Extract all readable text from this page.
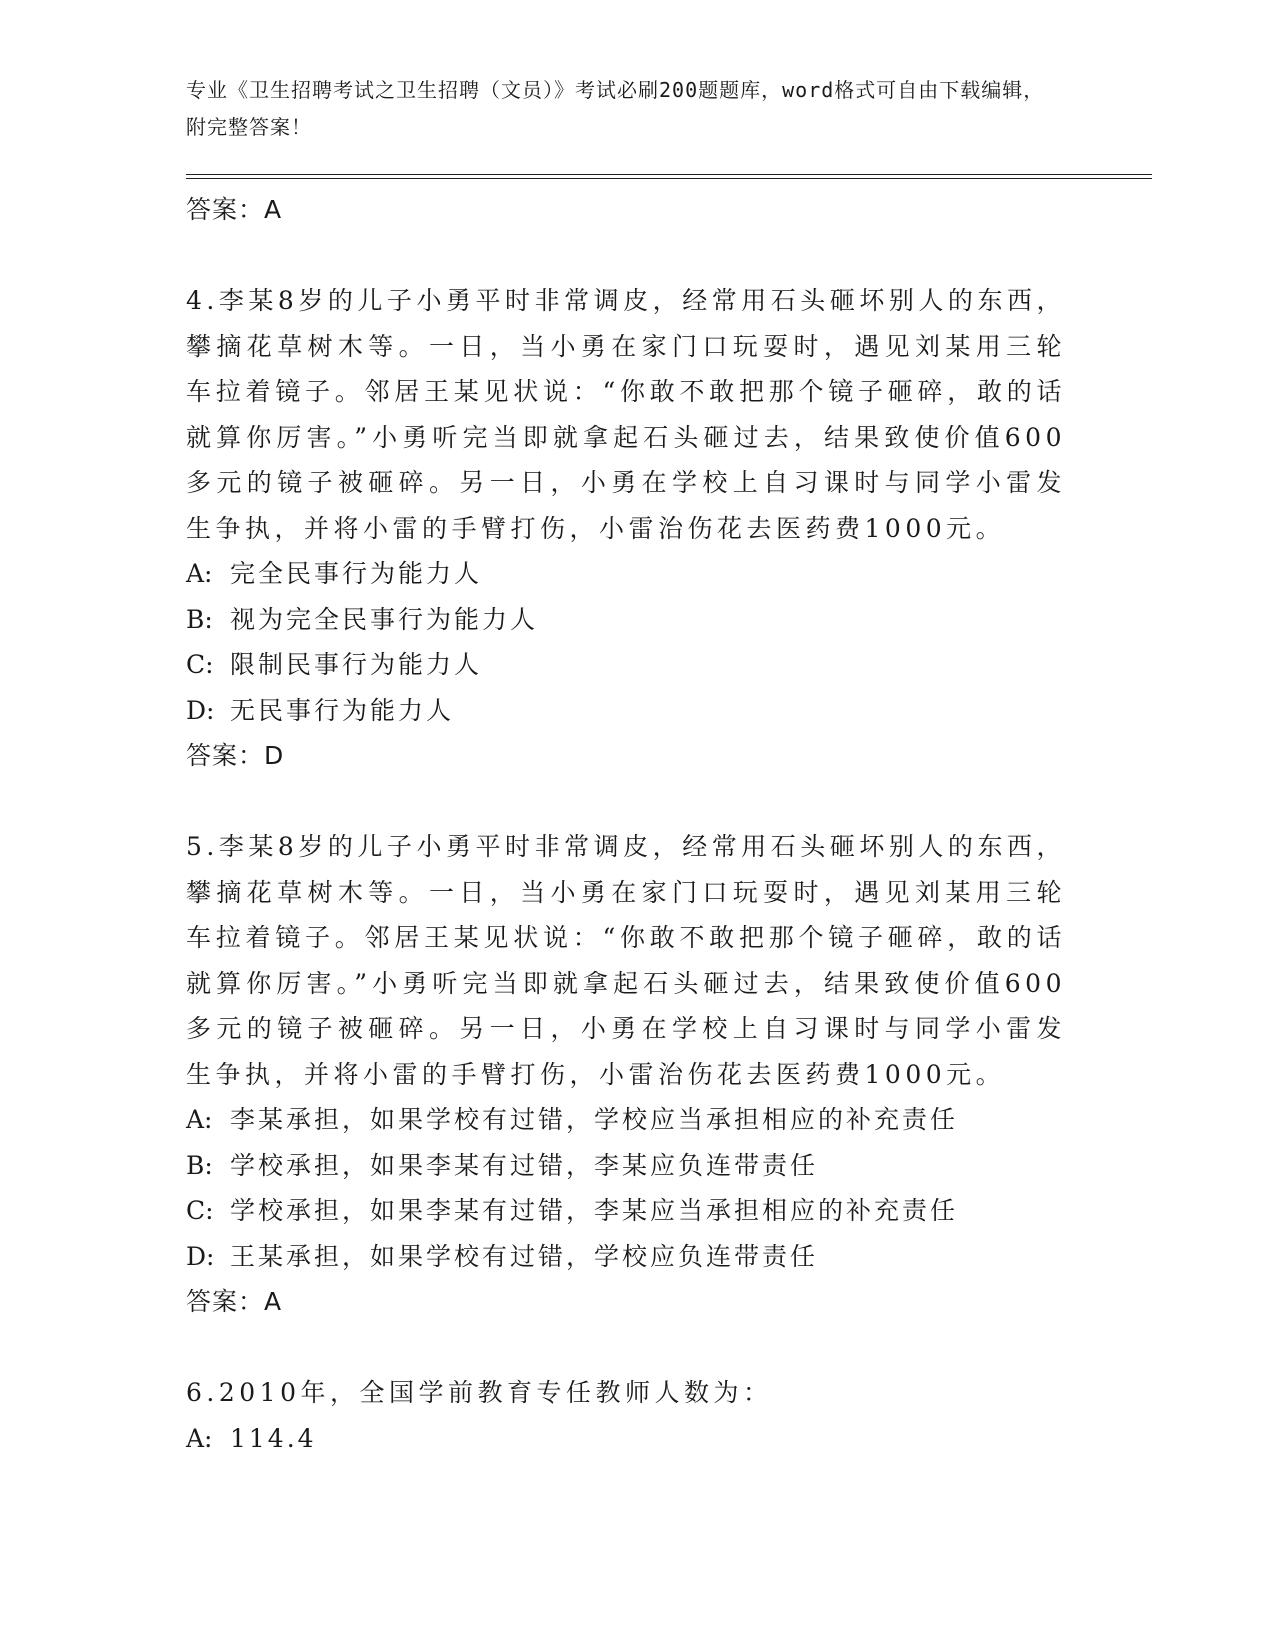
专业《卫生招聘考试之卫生招聘（文员）》考试必刷200题题库，word格式可自由下载编辑，附完整答案！
答案：A
4.李某8岁的儿子小勇平时非常调皮，经常用石头砸坏别人的东西，攀摘花草树木等。一日，当小勇在家门口玩耍时，遇见刘某用三轮车拉着镜子。邻居王某见状说：“你敢不敢把那个镜子砸碎，敢的话就算你厉害。”小勇听完当即就拿起石头砸过去，结果致使价值600多元的镜子被砸碎。另一日，小勇在学校上自习课时与同学小雷发生争执，并将小雷的手臂打伤，小雷治伤花去医药费1000元。
A: 完全民事行为能力人
B: 视为完全民事行为能力人
C: 限制民事行为能力人
D: 无民事行为能力人
答案：D
5.李某8岁的儿子小勇平时非常调皮，经常用石头砸坏别人的东西，攀摘花草树木等。一日，当小勇在家门口玩耍时，遇见刘某用三轮车拉着镜子。邻居王某见状说：“你敢不敢把那个镜子砸碎，敢的话就算你厉害。”小勇听完当即就拿起石头砸过去，结果致使价值600多元的镜子被砸碎。另一日，小勇在学校上自习课时与同学小雷发生争执，并将小雷的手臂打伤，小雷治伤花去医药费1000元。
A: 李某承担，如果学校有过错，学校应当承担相应的补充责任
B: 学校承担，如果李某有过错，李某应负连带责任
C: 学校承担，如果李某有过错，李某应当承担相应的补充责任
D: 王某承担，如果学校有过错，学校应负连带责任
答案：A
6.2010年，全国学前教育专任教师人数为：
A: 114.4
